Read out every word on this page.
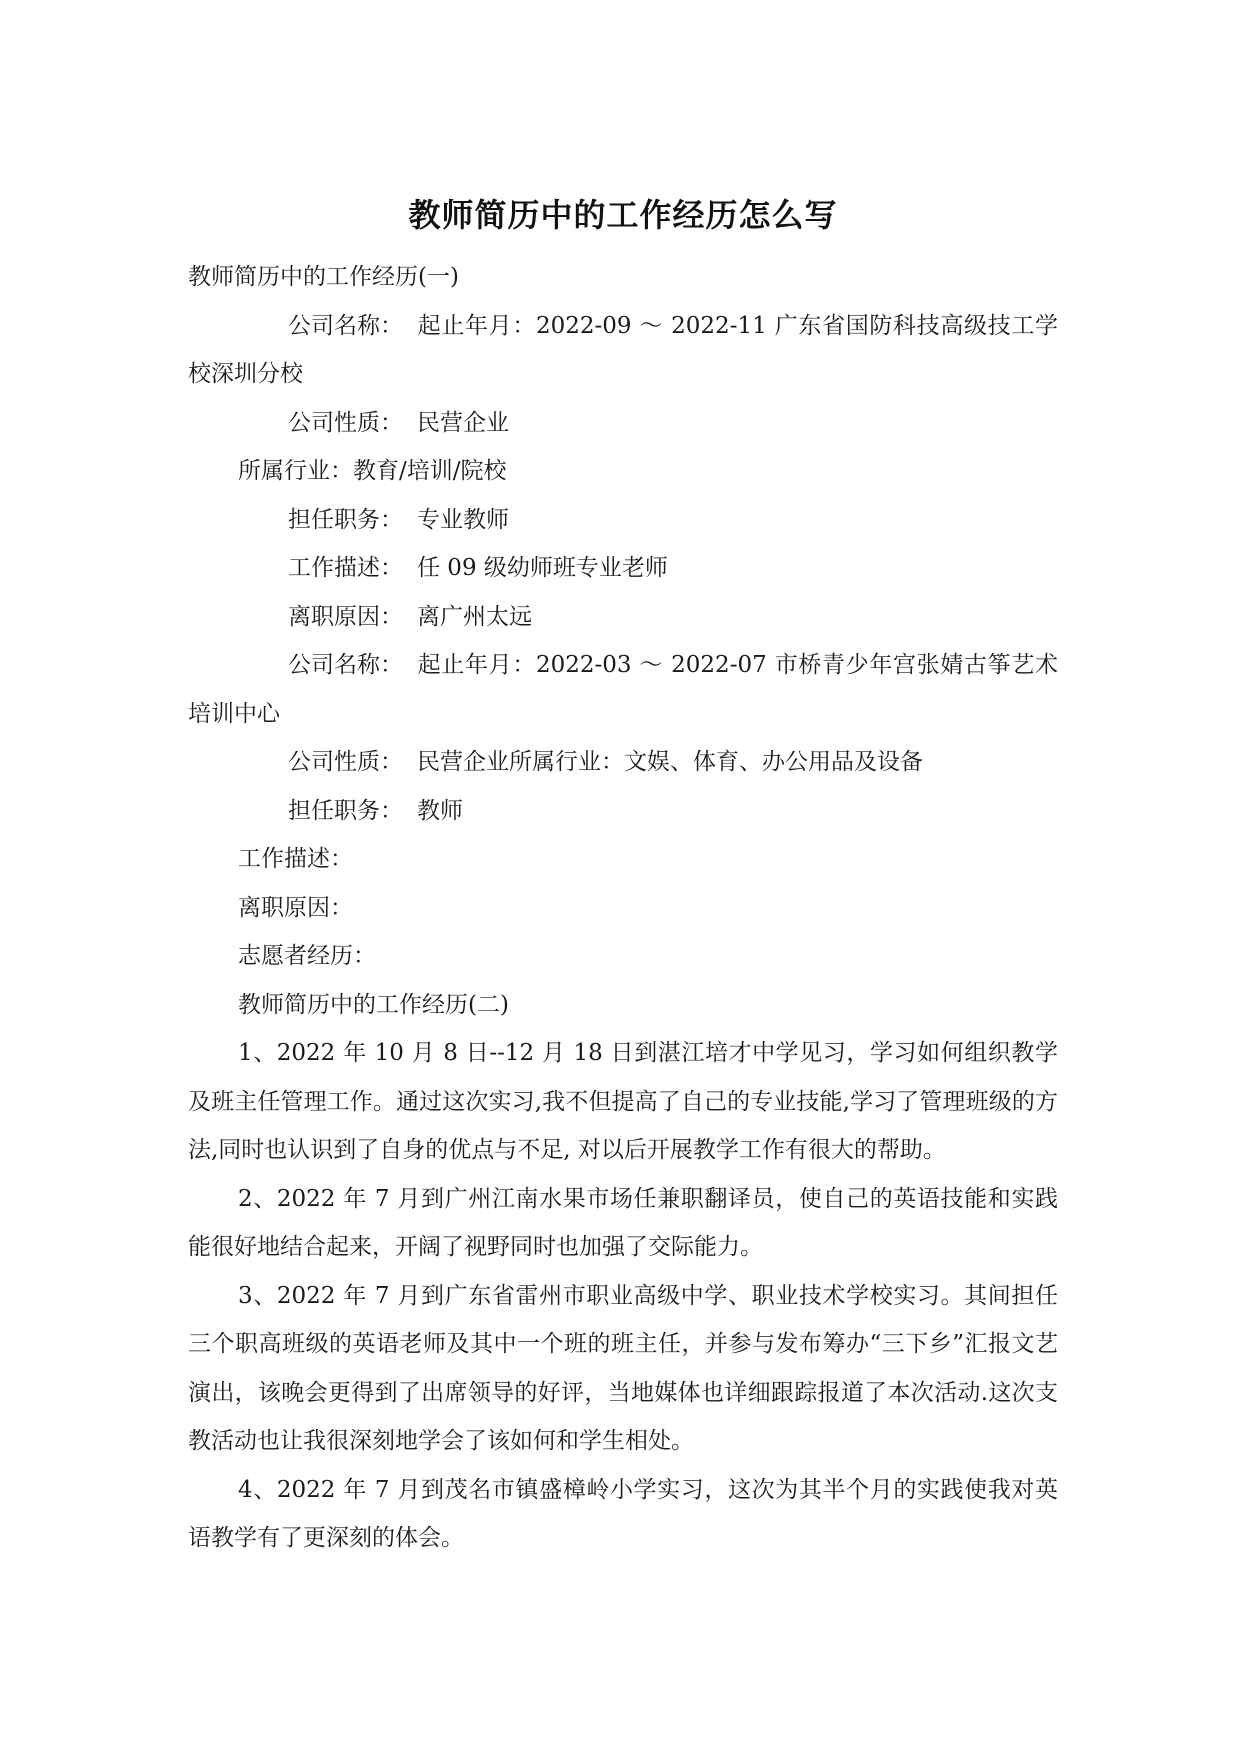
教师简历中的工作经历怎么写

教师简历中的工作经历(一)

公司名称： 起止年月：2022-09 ～ 2022-11 广东省国防科技高级技工学校深圳分校

公司性质： 民营企业

所属行业：教育/培训/院校

担任职务： 专业教师

工作描述： 任 09 级幼师班专业老师

离职原因： 离广州太远

公司名称： 起止年月：2022-03 ～ 2022-07 市桥青少年宫张婧古筝艺术培训中心

公司性质： 民营企业所属行业：文娱、体育、办公用品及设备

担任职务： 教师

工作描述：

离职原因：

志愿者经历：

教师简历中的工作经历(二)

1、2022 年 10 月 8 日--12 月 18 日到湛江培才中学见习，学习如何组织教学及班主任管理工作。通过这次实习,我不但提高了自己的专业技能,学习了管理班级的方法,同时也认识到了自身的优点与不足, 对以后开展教学工作有很大的帮助。

2、2022 年 7 月到广州江南水果市场任兼职翻译员，使自己的英语技能和实践能很好地结合起来，开阔了视野同时也加强了交际能力。

3、2022 年 7 月到广东省雷州市职业高级中学、职业技术学校实习。其间担任三个职高班级的英语老师及其中一个班的班主任，并参与发布筹办“三下乡”汇报文艺演出，该晚会更得到了出席领导的好评，当地媒体也详细跟踪报道了本次活动.这次支教活动也让我很深刻地学会了该如何和学生相处。

4、2022 年 7 月到茂名市镇盛樟岭小学实习，这次为其半个月的实践使我对英语教学有了更深刻的体会。
